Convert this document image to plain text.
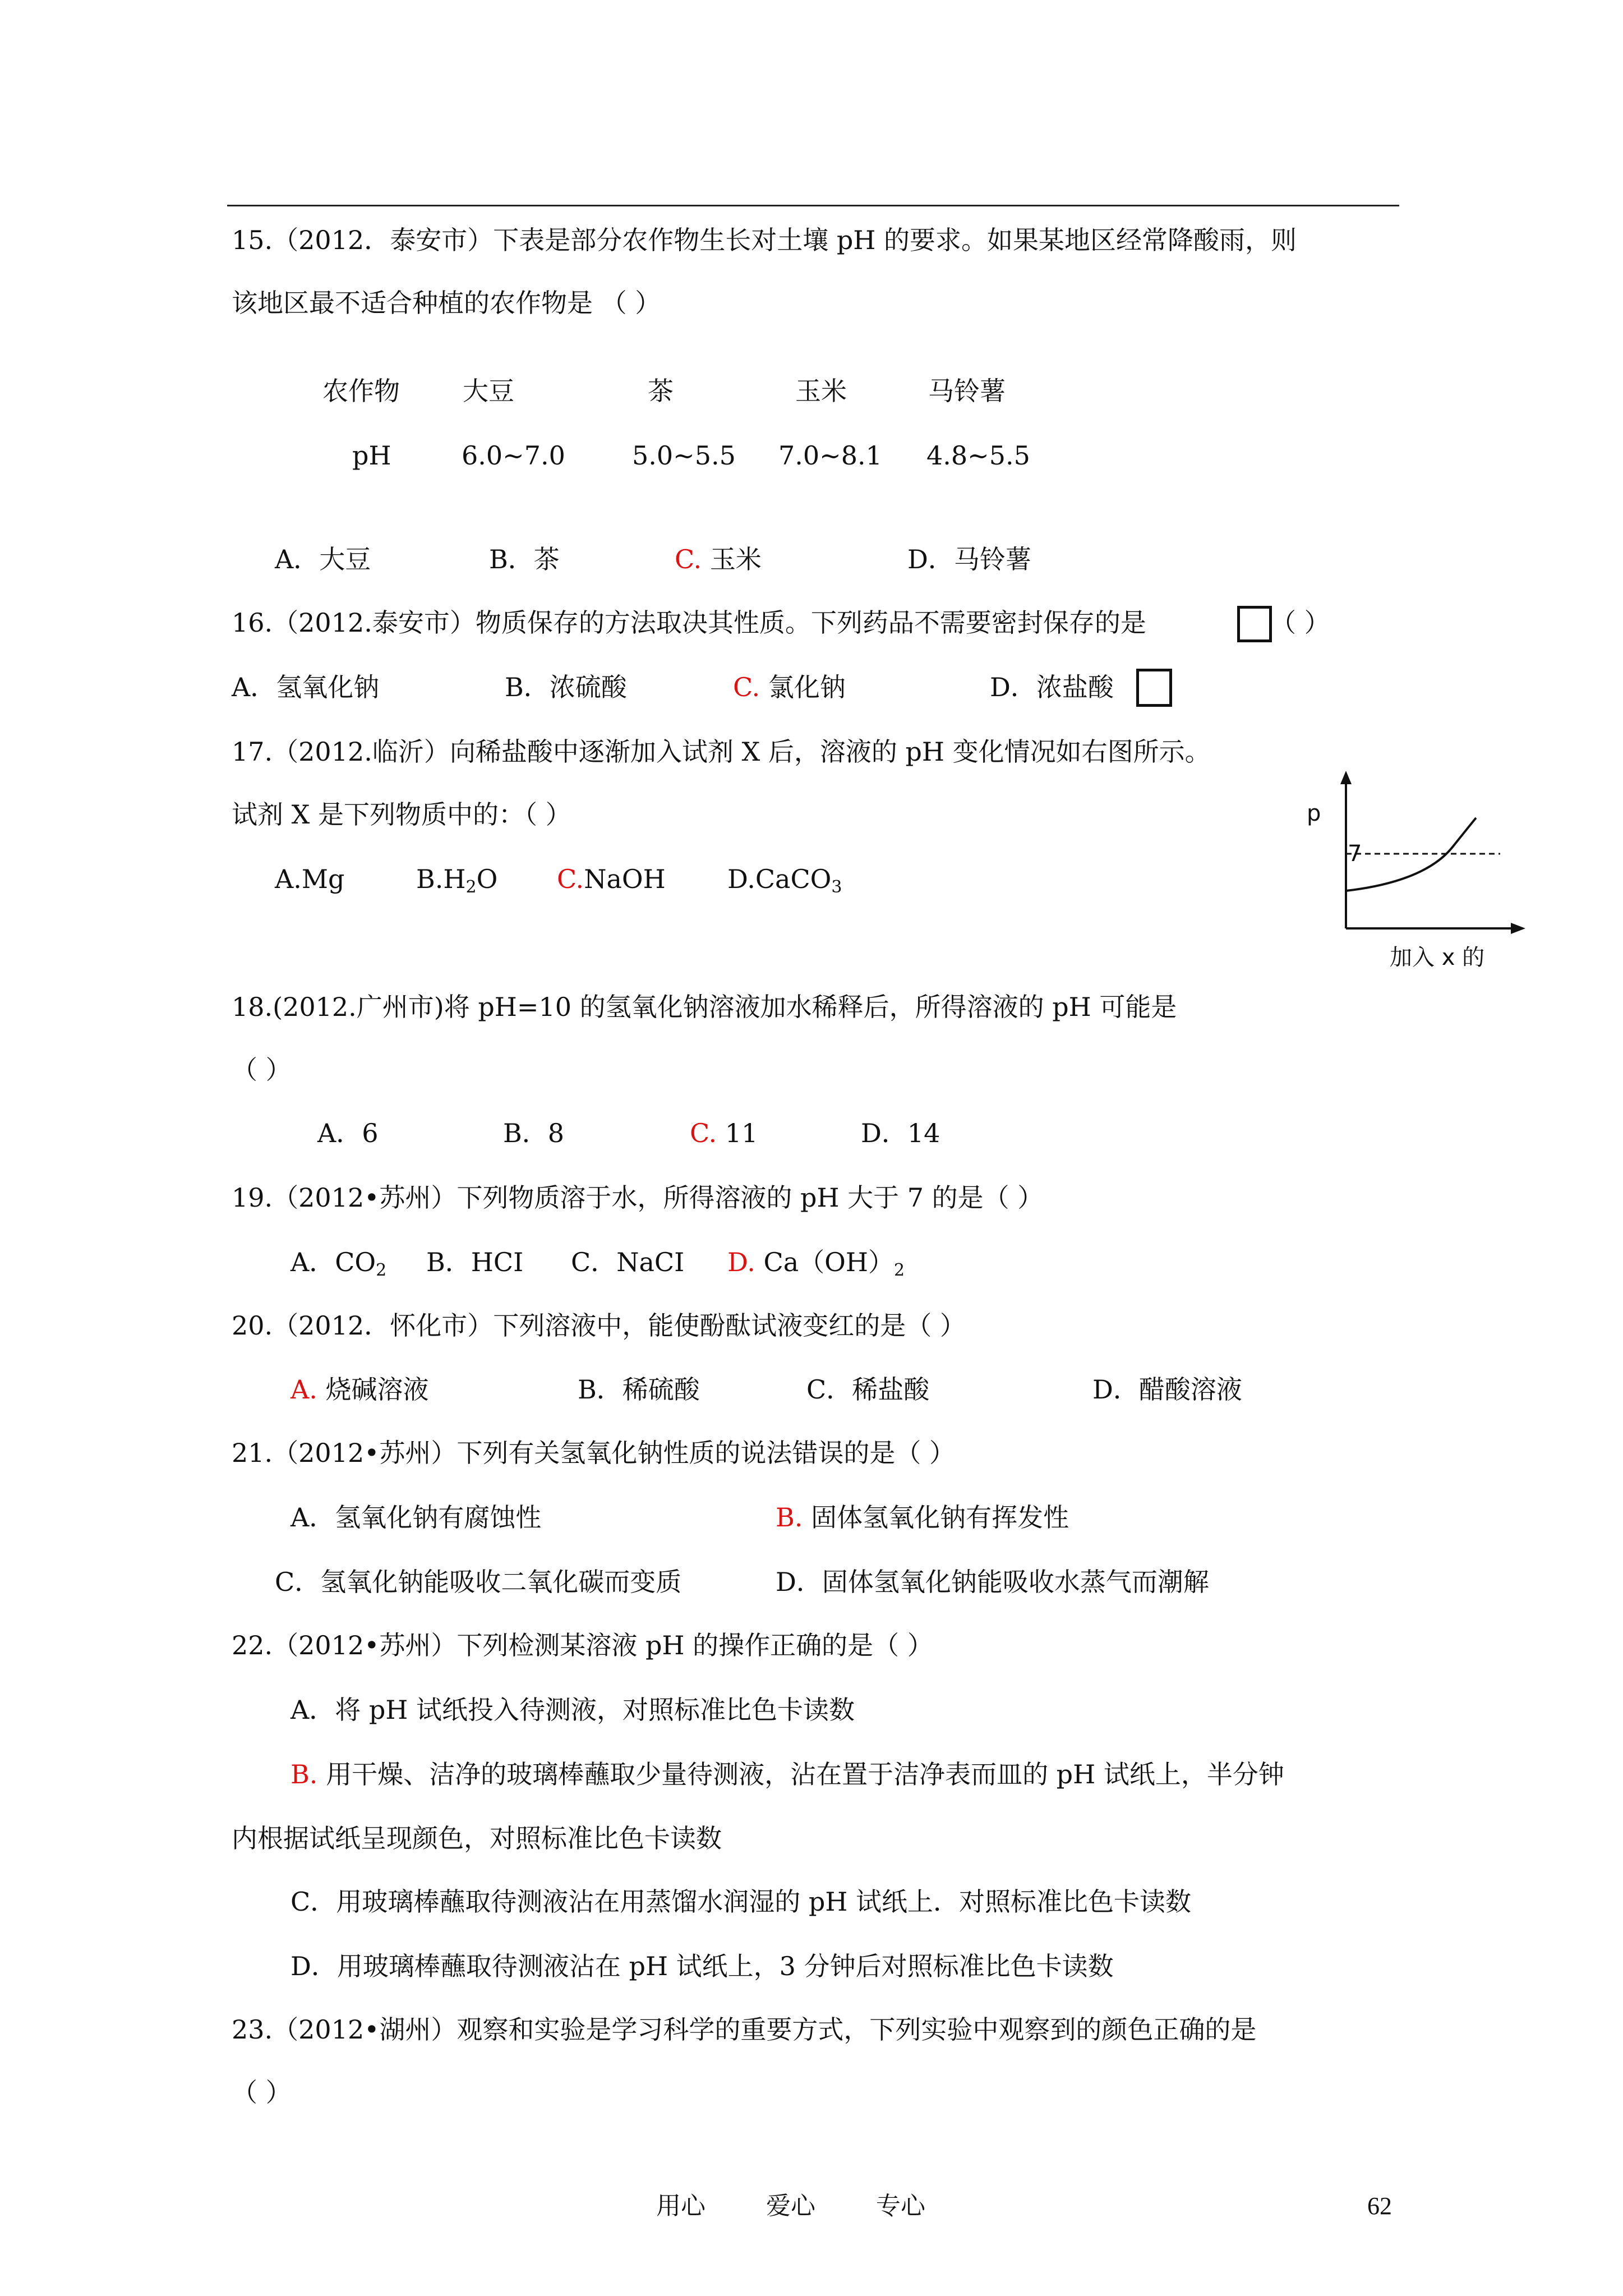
15.（2012．泰安市）下表是部分农作物生长对土壤 pH 的要求。如果某地区经常降酸雨，则
该地区最不适合种植的农作物是 （ ）
农作物 大豆	茶	玉米	马铃薯
pH	6.0~7.0	5.0~5.5 7.0~8.1 4.8~5.5
A．大豆	B．茶	C. 玉米	D．马铃薯
16.（2012.泰安市）物质保存的方法取决其性质。下列药品不需要密封保存的是	（ ）
A．氢氧化钠	B．浓硫酸	C. 氯化钠	D．浓盐酸
17.（2012.临沂）向稀盐酸中逐渐加入试剂 X 后，溶液的 pH 变化情况如右图所示。
试剂 X 是下列物质中的：（ ）
A.Mg	$B.H_2O$ C.NaOH D.CaCO$_3$
p
7
加入 x 的
18.(2012.广州市)将 pH=10 的氢氧化钠溶液加水稀释后，所得溶液的 pH 可能是
（ ）
A．6	B．8	C. 11	D．14
19.（2012•苏州）下列物质溶于水，所得溶液的 pH 大于 7 的是（ ）
A．$CO_2$ B．HCI C．NaCI D. $Ca(OH)_2$
20.（2012．怀化市）下列溶液中，能使酚酞试液变红的是（ ）
A. 烧碱溶液	B．稀硫酸	C．稀盐酸	D．醋酸溶液
21.（2012•苏州）下列有关氢氧化钠性质的说法错误的是（ ）
A．氢氧化钠有腐蚀性	B. 固体氢氧化钠有挥发性
C．氢氧化钠能吸收二氧化碳而变质	D．固体氢氧化钠能吸收水蒸气而潮解
22.（2012•苏州）下列检测某溶液 pH 的操作正确的是（ ）
A．将 pH 试纸投入待测液，对照标准比色卡读数
B. 用干燥、洁净的玻璃棒蘸取少量待测液，沾在置于洁净表而皿的 pH 试纸上，半分钟
内根据试纸呈现颜色，对照标准比色卡读数
C．用玻璃棒蘸取待测液沾在用蒸馏水润湿的 pH 试纸上．对照标准比色卡读数
D．用玻璃棒蘸取待测液沾在 pH 试纸上，3 分钟后对照标准比色卡读数
23.（2012•湖州）观察和实验是学习科学的重要方式，下列实验中观察到的颜色正确的是
（ ）
用心 爱心 专心	62
